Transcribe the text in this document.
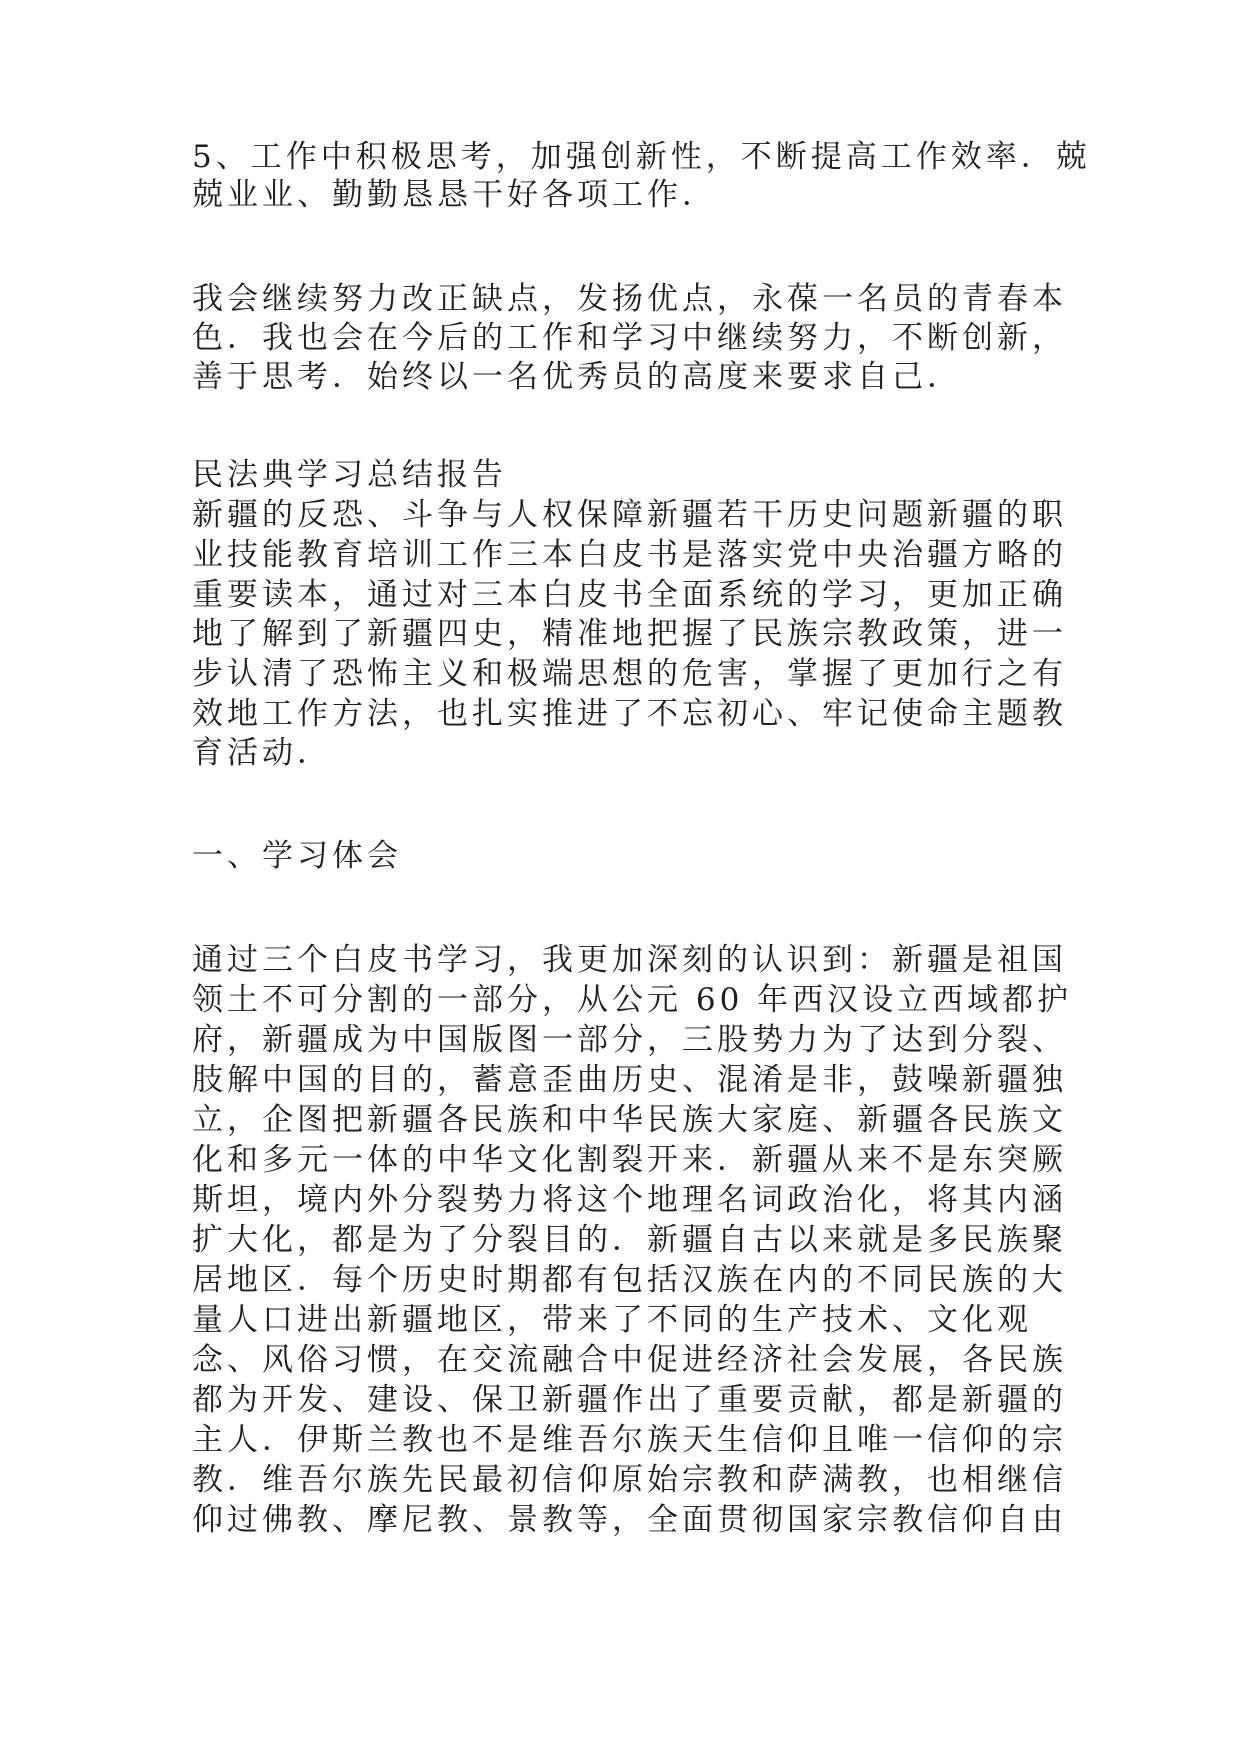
5、工作中积极思考，加强创新性，不断提高工作效率．兢
兢业业、勤勤恳恳干好各项工作．
我会继续努力改正缺点，发扬优点，永葆一名员的青春本
色．我也会在今后的工作和学习中继续努力，不断创新，
善于思考．始终以一名优秀员的高度来要求自己．
民法典学习总结报告
新疆的反恐、斗争与人权保障新疆若干历史问题新疆的职
业技能教育培训工作三本白皮书是落实党中央治疆方略的
重要读本，通过对三本白皮书全面系统的学习，更加正确
地了解到了新疆四史，精准地把握了民族宗教政策，进一
步认清了恐怖主义和极端思想的危害，掌握了更加行之有
效地工作方法，也扎实推进了不忘初心、牢记使命主题教
育活动．
一、学习体会
通过三个白皮书学习，我更加深刻的认识到：新疆是祖国
领土不可分割的一部分，从公元 60 年西汉设立西域都护
府，新疆成为中国版图一部分，三股势力为了达到分裂、
肢解中国的目的，蓄意歪曲历史、混淆是非，鼓噪新疆独
立，企图把新疆各民族和中华民族大家庭、新疆各民族文
化和多元一体的中华文化割裂开来．新疆从来不是东突厥
斯坦，境内外分裂势力将这个地理名词政治化，将其内涵
扩大化，都是为了分裂目的．新疆自古以来就是多民族聚
居地区．每个历史时期都有包括汉族在内的不同民族的大
量人口进出新疆地区，带来了不同的生产技术、文化观
念、风俗习惯，在交流融合中促进经济社会发展，各民族
都为开发、建设、保卫新疆作出了重要贡献，都是新疆的
主人．伊斯兰教也不是维吾尔族天生信仰且唯一信仰的宗
教．维吾尔族先民最初信仰原始宗教和萨满教，也相继信
仰过佛教、摩尼教、景教等，全面贯彻国家宗教信仰自由
